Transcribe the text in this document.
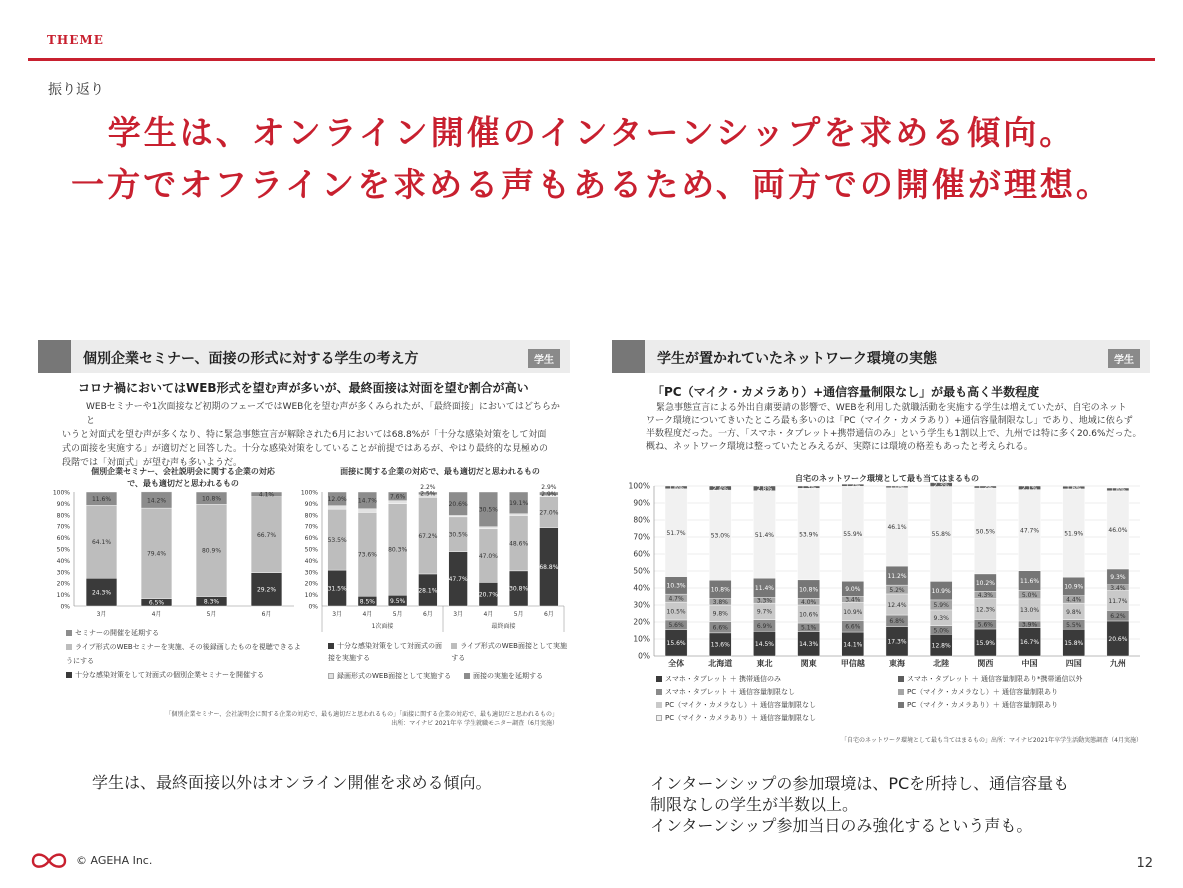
THEME
振り返り
学生は、オンライン開催のインターンシップを求める傾向。
一方でオフラインを求める声もあるため、両方での開催が理想。
個別企業セミナー、面接の形式に対する学生の考え方	学生
コロナ禍においてはWEB形式を望む声が多いが、最終面接は対面を望む割合が高い
WEBセミナーや1次面接など初期のフェーズではWEB化を望む声が多くみられたが、「最終面接」においてはどちらかと
いうと対面式を望む声が多くなり、特に緊急事態宣言が解除された6月においては68.8%が「十分な感染対策をして対面
式の面接を実施する」が適切だと回答した。十分な感染対策をしていることが前提ではあるが、やはり最終的な見極めの
段階では「対面式」が望む声も多いようだ。
個別企業セミナー、会社説明会に関する企業の対応
で、最も適切だと思われるもの
0%
10%
20%
30%
40%
50%
60%
70%
80%
90%
100%
24.3%
64.1%
11.6%
3月
6.5%
79.4%
14.2%
4月
8.3%
80.9%
10.8%
5月
29.2%
66.7%
4.1%
6月
面接に関する企業の対応で、最も適切だと思われるもの
0%
10%
20%
30%
40%
50%
60%
70%
80%
90%
100%
31.5%
53.5%
12.0%
3月
8.5%
73.6%
14.7%
4月
9.5%
80.3%
7.6%
5月
28.1%
67.2%
2.5%
2.2%
6月
47.7%
30.5%
20.6%
3月
20.7%
47.0%
30.5%
4月
30.8%
48.6%
19.1%
5月
68.8%
27.0%
2.9%
2.9%
6月
1次面接	最終面接
セミナーの開催を延期する
ライブ形式のWEBセミナーを実施、その後録画したものを視聴できるようにする
十分な感染対策をして対面式の個別企業セミナーを開催する
十分な感染対策をして対面式の面接を実施する
ライブ形式のWEB面接として実施する
録画形式のWEB面接として実施する	面接の実施を延期する
「個別企業セミナー、会社説明会に関する企業の対応で、最も適切だと思われるもの」「面接に関する企業の対応で、最も適切だと思われるもの」
出所：マイナビ 2021年卒 学生就職モニター調査（6月実施）
学生が置かれていたネットワーク環境の実態	学生
「PC（マイク・カメラあり）+通信容量制限なし」が最も高く半数程度
緊急事態宣言による外出自粛要請の影響で、WEBを利用した就職活動を実施する学生は増えていたが、自宅のネット
ワーク環境についてきいたところ最も多いのは「PC（マイク・カメラあり）+通信容量制限なし」であり、地域に依らず
半数程度だった。一方、「スマホ・タブレット+携帯通信のみ」という学生も1割以上で、九州では特に多く20.6%だった。
概ね、ネットワーク環境は整っていたとみえるが、実際には環境の格差もあったと考えられる。
自宅のネットワーク環境として最も当てはまるもの
0%
10%
20%
30%
40%
50%
60%
70%
80%
90%
100%
15.6%
5.6%
10.5%
4.7%
10.3%
51.7%
1.6%
全体
13.6%
6.6%
9.8%
3.8%
10.8%
53.0%
2.4%
北海道
14.5%
6.9%
9.7%
3.3%
11.4%
51.4%
2.8%
東北
14.3%
5.1%
10.6%
4.0%
10.8%
53.9%
1.3%
関東
14.1%
6.6%
10.9%
3.4%
9.0%
55.9%
1.2%
甲信越
17.3%
6.8%
12.4%
5.2%
11.2%
46.1%
1.0%
東海
12.8%
5.0%
9.3%
5.9%
10.9%
55.8%
2.3%
北陸
15.9%
5.6%
12.3%
4.3%
10.2%
50.5%
1.2%
関西
16.7%
3.9%
13.0%
5.0%
11.6%
47.7%
2.1%
中国
15.8%
5.5%
9.8%
4.4%
10.9%
51.9%
1.6%
四国
20.6%
6.2%
11.7%
3.4%
9.3%
46.0%
1.6%
九州
スマホ・タブレット ＋ 携帯通信のみ	スマホ・タブレット ＋ 通信容量制限あり*携帯通信以外
スマホ・タブレット ＋ 通信容量制限なし	PC（マイク・カメラなし）＋ 通信容量制限あり
PC（マイク・カメラなし）＋ 通信容量制限なし	PC（マイク・カメラあり）＋ 通信容量制限あり
PC（マイク・カメラあり）＋ 通信容量制限なし
「自宅のネットワーク環境として最も当てはまるもの」出所：マイナビ2021年卒学生活動実態調査（4月実施）
学生は、最終面接以外はオンライン開催を求める傾向。	インターンシップの参加環境は、PCを所持し、通信容量も
制限なしの学生が半数以上。
インターンシップ参加当日のみ強化するという声も。
© AGEHA Inc.	12
